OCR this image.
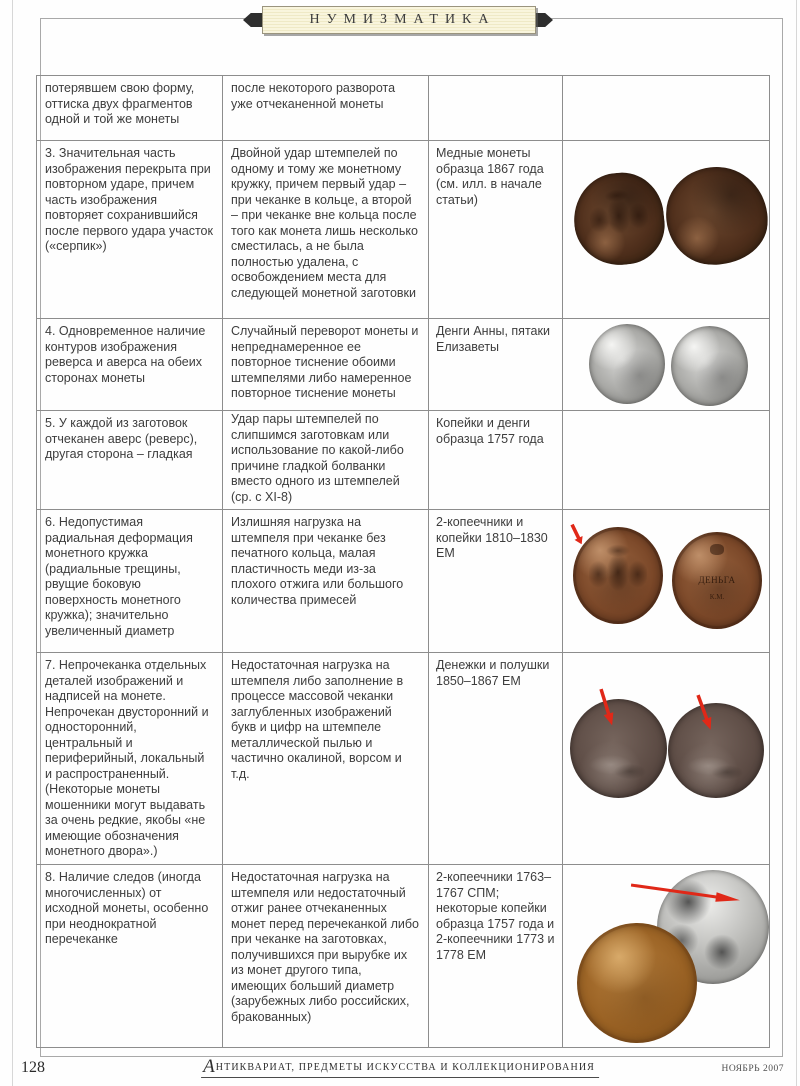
НУМИЗМАТИКА
потерявшем свою форму, оттиска двух фрагментов одной и той же монеты	после некоторого разворота уже отчеканенной монеты		
3. Значительная часть изображения перекрыта при повторном ударе, причем часть изображения повторяет сохранившийся после первого удара участок («серпик»)	Двойной удар штемпелей по одному и тому же монетному кружку, причем первый удар – при чеканке в кольце, а второй – при чеканке вне кольца после того как монета лишь несколько сместилась, а не была полностью удалена, с освобождением места для следующей монетной заготовки	Медные монеты образца 1867 года (см. илл. в начале статьи)	

4. Одновременное наличие контуров изображения реверса и аверса на обеих сторонах монеты	Случайный переворот монеты и непреднамеренное ее повторное тиснение обоими штемпелями либо намеренное повторное тиснение монеты	Денги Анны, пятаки Елизаветы	

5. У каждой из заготовок отчеканен аверс (реверс), другая сторона – гладкая	Удар пары штемпелей по слипшимся заготовкам или использование по какой-либо причине гладкой болванки вместо одного из штемпелей (ср. с XI-8)	Копейки и денги образца 1757 года	
6. Недопустимая радиальная деформация монетного кружка (радиальные трещины, рвущие боковую поверхность монетного кружка); значительно увеличенный диаметр	Излишняя нагрузка на штемпеля при чеканке без печатного кольца, малая пластичность меди из-за плохого отжига или большого количества примесей	2-копеечники и копейки 1810–1830 ЕМ	ДЕНЬГА
К.М.

7. Непрочеканка отдельных деталей изображений и надписей на монете. Непрочекан двусторонний и односторонний, центральный и периферийный, локальный и распространенный. (Некоторые монеты мошенники могут выдавать за очень редкие, якобы «не имеющие обозначения монетного двора».)	Недостаточная нагрузка на штемпеля либо заполнение в процессе массовой чеканки заглубленных изображений букв и цифр на штемпеле металлической пылью и частично окалиной, ворсом и т.д.	Денежки и полушки 1850–1867 ЕМ	

8. Наличие следов (иногда многочисленных) от исходной монеты, особенно при неоднократной перечеканке	Недостаточная нагрузка на штемпеля или недостаточный отжиг ранее отчеканенных монет перед перечеканкой либо при чеканке на заготовках, получившихся при вырубке их из монет другого типа, имеющих больший диаметр (зарубежных либо российских, бракованных)	2-копеечники 1763–1767 СПМ; некоторые копейки образца 1757 года и 2-копеечники 1773 и 1778 ЕМ	
128	АНТИКВАРИАТ, ПРЕДМЕТЫ ИСКУССТВА И КОЛЛЕКЦИОНИРОВАНИЯ	НОЯБРЬ 2007
